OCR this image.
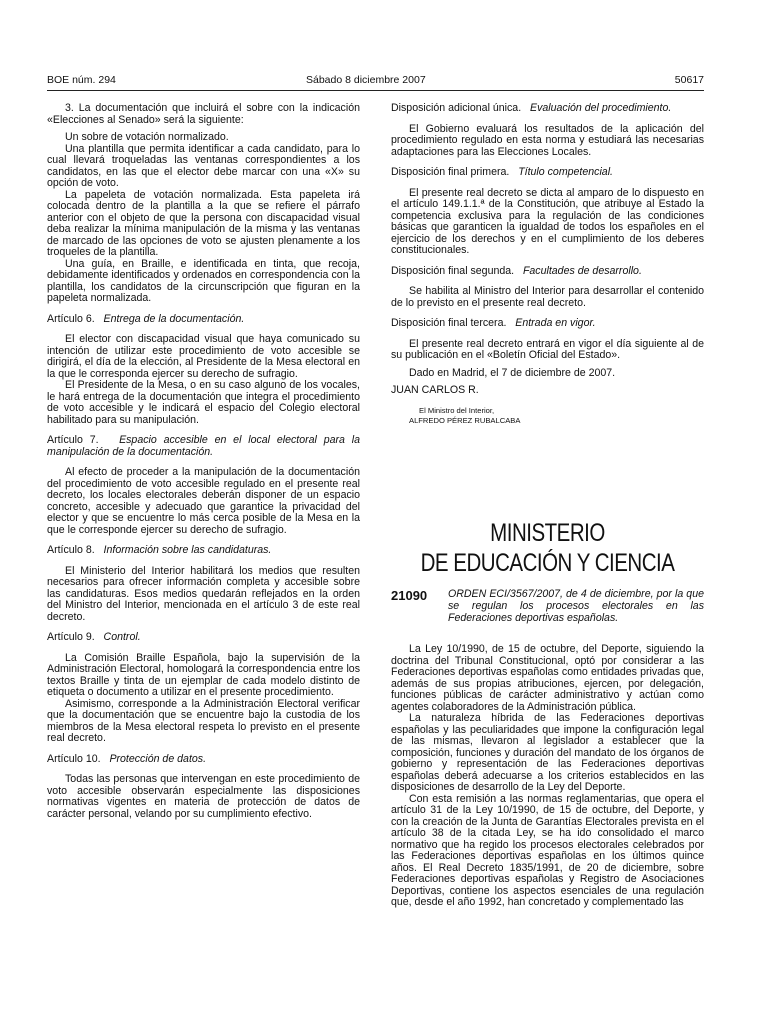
BOE núm. 294	Sábado 8 diciembre 2007	50617

3. La documentación que incluirá el sobre con la indicación «Elecciones al Senado» será la siguiente:

Un sobre de votación normalizado.

Una plantilla que permita identificar a cada candidato, para lo cual llevará troqueladas las ventanas correspondientes a los candidatos, en las que el elector debe marcar con una «X» su opción de voto.

La papeleta de votación normalizada. Esta papeleta irá colocada dentro de la plantilla a la que se refiere el párrafo anterior con el objeto de que la persona con discapacidad visual deba realizar la mínima manipulación de la misma y las ventanas de marcado de las opciones de voto se ajusten plenamente a los troqueles de la plantilla.

Una guía, en Braille, e identificada en tinta, que recoja, debidamente identificados y ordenados en correspondencia con la plantilla, los candidatos de la circunscripción que figuran en la papeleta normalizada.

Artículo 6. Entrega de la documentación.

El elector con discapacidad visual que haya comunicado su intención de utilizar este procedimiento de voto accesible se dirigirá, el día de la elección, al Presidente de la Mesa electoral en la que le corresponda ejercer su derecho de sufragio.

El Presidente de la Mesa, o en su caso alguno de los vocales, le hará entrega de la documentación que integra el procedimiento de voto accesible y le indicará el espacio del Colegio electoral habilitado para su manipulación.

Artículo 7. Espacio accesible en el local electoral para la manipulación de la documentación.

Al efecto de proceder a la manipulación de la documentación del procedimiento de voto accesible regulado en el presente real decreto, los locales electorales deberán disponer de un espacio concreto, accesible y adecuado que garantice la privacidad del elector y que se encuentre lo más cerca posible de la Mesa en la que le corresponde ejercer su derecho de sufragio.

Artículo 8. Información sobre las candidaturas.

El Ministerio del Interior habilitará los medios que resulten necesarios para ofrecer información completa y accesible sobre las candidaturas. Esos medios quedarán reflejados en la orden del Ministro del Interior, mencionada en el artículo 3 de este real decreto.

Artículo 9. Control.

La Comisión Braille Española, bajo la supervisión de la Administración Electoral, homologará la correspondencia entre los textos Braille y tinta de un ejemplar de cada modelo distinto de etiqueta o documento a utilizar en el presente procedimiento.

Asimismo, corresponde a la Administración Electoral verificar que la documentación que se encuentre bajo la custodia de los miembros de la Mesa electoral respeta lo previsto en el presente real decreto.

Artículo 10. Protección de datos.

Todas las personas que intervengan en este procedimiento de voto accesible observarán especialmente las disposiciones normativas vigentes en materia de protección de datos de carácter personal, velando por su cumplimiento efectivo.

Disposición adicional única. Evaluación del procedimiento.

El Gobierno evaluará los resultados de la aplicación del procedimiento regulado en esta norma y estudiará las necesarias adaptaciones para las Elecciones Locales.

Disposición final primera. Título competencial.

El presente real decreto se dicta al amparo de lo dispuesto en el artículo 149.1.1.ª de la Constitución, que atribuye al Estado la competencia exclusiva para la regulación de las condiciones básicas que garanticen la igualdad de todos los españoles en el ejercicio de los derechos y en el cumplimiento de los deberes constitucionales.

Disposición final segunda. Facultades de desarrollo.

Se habilita al Ministro del Interior para desarrollar el contenido de lo previsto en el presente real decreto.

Disposición final tercera. Entrada en vigor.

El presente real decreto entrará en vigor el día siguiente al de su publicación en el «Boletín Oficial del Estado».

Dado en Madrid, el 7 de diciembre de 2007.

JUAN CARLOS R.

El Ministro del Interior,

ALFREDO PÉREZ RUBALCABA

MINISTERIO
DE EDUCACIÓN Y CIENCIA
21090 ORDEN ECI/3567/2007, de 4 de diciembre, por la que se regulan los procesos electorales en las Federaciones deportivas españolas.

La Ley 10/1990, de 15 de octubre, del Deporte, siguiendo la doctrina del Tribunal Constitucional, optó por considerar a las Federaciones deportivas españolas como entidades privadas que, además de sus propias atribuciones, ejercen, por delegación, funciones públicas de carácter administrativo y actúan como agentes colaboradores de la Administración pública.

La naturaleza híbrida de las Federaciones deportivas españolas y las peculiaridades que impone la configuración legal de las mismas, llevaron al legislador a establecer que la composición, funciones y duración del mandato de los órganos de gobierno y representación de las Federaciones deportivas españolas deberá adecuarse a los criterios establecidos en las disposiciones de desarrollo de la Ley del Deporte.

Con esta remisión a las normas reglamentarias, que opera el artículo 31 de la Ley 10/1990, de 15 de octubre, del Deporte, y con la creación de la Junta de Garantías Electorales prevista en el artículo 38 de la citada Ley, se ha ido consolidado el marco normativo que ha regido los procesos electorales celebrados por las Federaciones deportivas españolas en los últimos quince años. El Real Decreto 1835/1991, de 20 de diciembre, sobre Federaciones deportivas españolas y Registro de Asociaciones Deportivas, contiene los aspectos esenciales de una regulación que, desde el año 1992, han concretado y complementado las
